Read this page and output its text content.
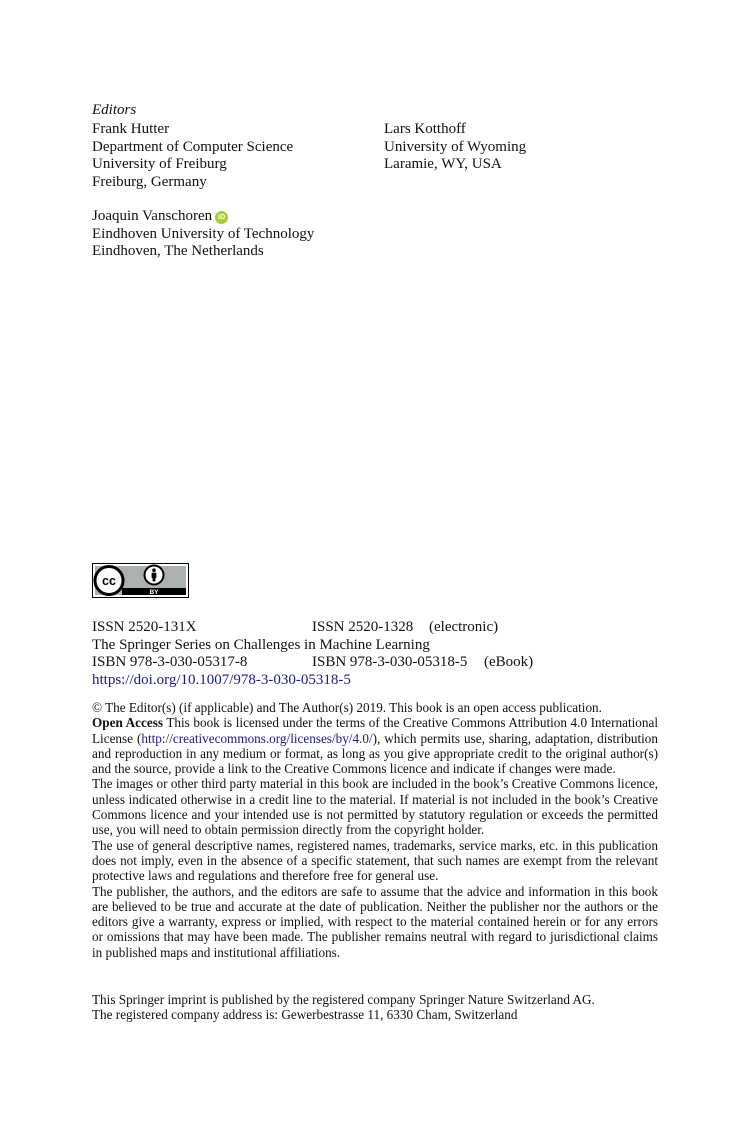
Editors
Frank Hutter
Department of Computer Science
University of Freiburg
Freiburg, Germany
Lars Kotthoff
University of Wyoming
Laramie, WY, USA
Joaquin Vanschoren iD
Eindhoven University of Technology
Eindhoven, The Netherlands
BY
cc
ISSN 2520-131X	ISSN 2520-1328 (electronic)
The Springer Series on Challenges in Machine Learning
ISBN 978-3-030-05317-8	ISBN 978-3-030-05318-5 (eBook)
https://doi.org/10.1007/978-3-030-05318-5

© The Editor(s) (if applicable) and The Author(s) 2019. This book is an open access publication.

Open Access This book is licensed under the terms of the Creative Commons Attribution 4.0 International License (http://creativecommons.org/licenses/by/4.0/), which permits use, sharing, adaptation, distribution and reproduction in any medium or format, as long as you give appropriate credit to the original author(s) and the source, provide a link to the Creative Commons licence and indicate if changes were made.

The images or other third party material in this book are included in the book’s Creative Commons licence, unless indicated otherwise in a credit line to the material. If material is not included in the book’s Creative Commons licence and your intended use is not permitted by statutory regulation or exceeds the permitted use, you will need to obtain permission directly from the copyright holder.

The use of general descriptive names, registered names, trademarks, service marks, etc. in this publication does not imply, even in the absence of a specific statement, that such names are exempt from the relevant protective laws and regulations and therefore free for general use.

The publisher, the authors, and the editors are safe to assume that the advice and information in this book are believed to be true and accurate at the date of publication. Neither the publisher nor the authors or the editors give a warranty, express or implied, with respect to the material contained herein or for any errors or omissions that may have been made. The publisher remains neutral with regard to jurisdictional claims in published maps and institutional affiliations.

This Springer imprint is published by the registered company Springer Nature Switzerland AG.
The registered company address is: Gewerbestrasse 11, 6330 Cham, Switzerland
